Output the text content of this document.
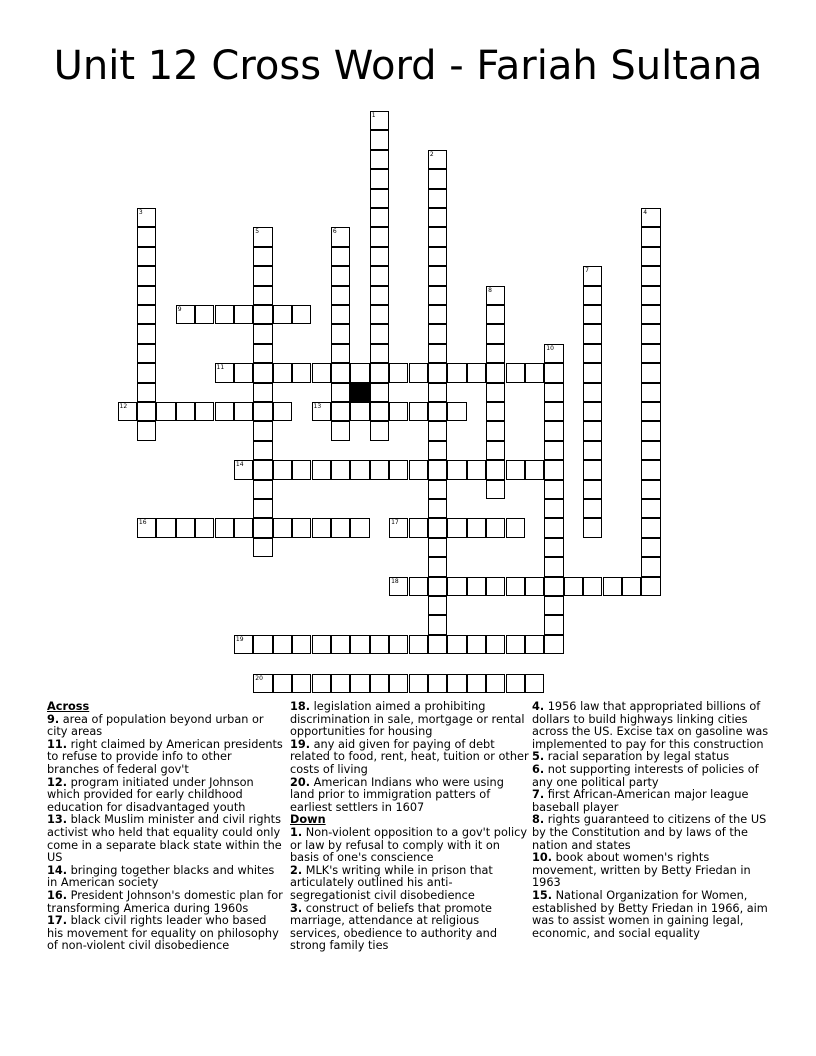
Unit 12 Cross Word - Fariah Sultana
1
2
3	4
5	6
7
8
10
9
11
12	13
14
16	17
18
19
20
Across
9. area of population beyond urban or city areas
11. right claimed by American presidents to refuse to provide info to other branches of federal gov't
12. program initiated under Johnson which provided for early childhood education for disadvantaged youth
13. black Muslim minister and civil rights activist who held that equality could only come in a separate black state within the US
14. bringing together blacks and whites in American society
16. President Johnson's domestic plan for transforming America during 1960s
17. black civil rights leader who based his movement for equality on philosophy of non-violent civil disobedience
18. legislation aimed a prohibiting discrimination in sale, mortgage or rental opportunities for housing
19. any aid given for paying of debt related to food, rent, heat, tuition or other costs of living
20. American Indians who were using land prior to immigration patters of earliest settlers in 1607
Down
1. Non-violent opposition to a gov't policy or law by refusal to comply with it on basis of one's conscience
2. MLK's writing while in prison that articulately outlined his anti-segregationist civil disobedience
3. construct of beliefs that promote marriage, attendance at religious services, obedience to authority and strong family ties
4. 1956 law that appropriated billions of dollars to build highways linking cities across the US. Excise tax on gasoline was implemented to pay for this construction
5. racial separation by legal status
6. not supporting interests of policies of any one political party
7. first African-American major league baseball player
8. rights guaranteed to citizens of the US by the Constitution and by laws of the nation and states
10. book about women's rights movement, written by Betty Friedan in 1963
15. National Organization for Women, established by Betty Friedan in 1966, aim was to assist women in gaining legal, economic, and social equality
